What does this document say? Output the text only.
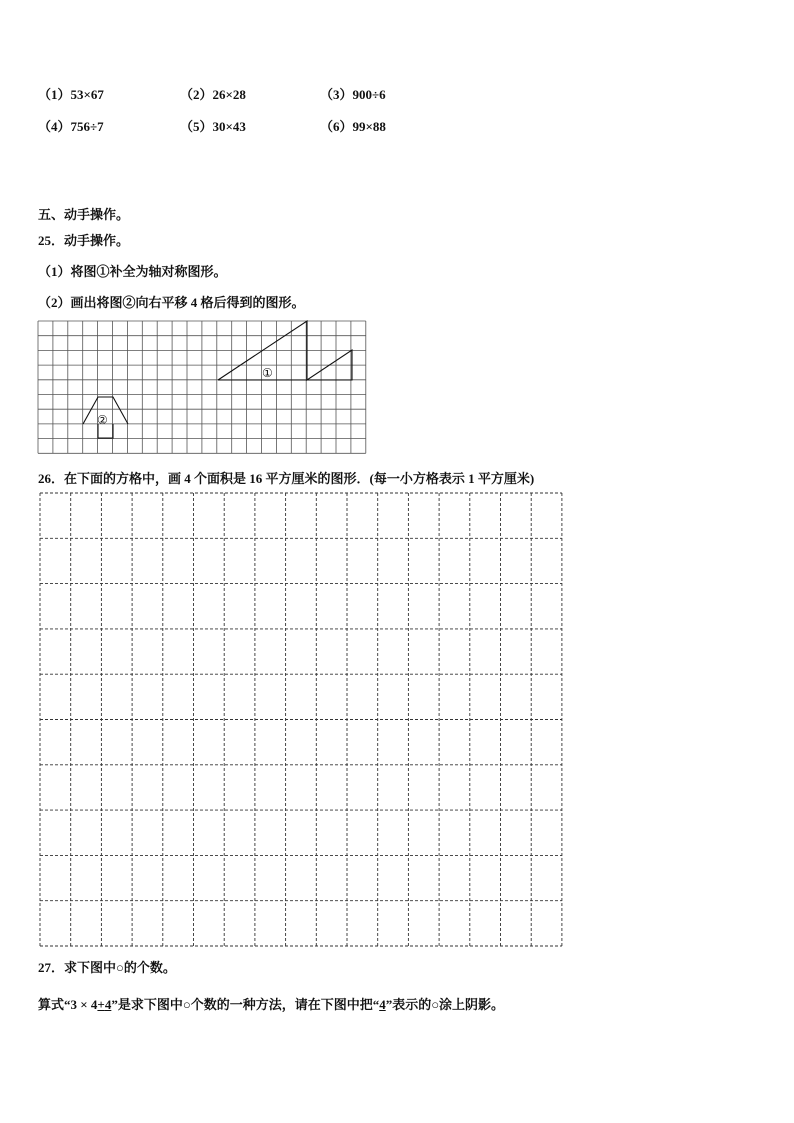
（1）53×67	（2）26×28	（3）900÷6
（4）756÷7	（5）30×43	（6）99×88
五、动手操作。
25．动手操作。
（1）将图①补全为轴对称图形。
（2）画出将图②向右平移 4 格后得到的图形。
①
②
26．在下面的方格中，画 4 个面积是 16 平方厘米的图形．(每一小方格表示 1 平方厘米)
27．求下图中○的个数。
算式“3 × 4+4”是求下图中○个数的一种方法，请在下图中把“4”表示的○涂上阴影。
